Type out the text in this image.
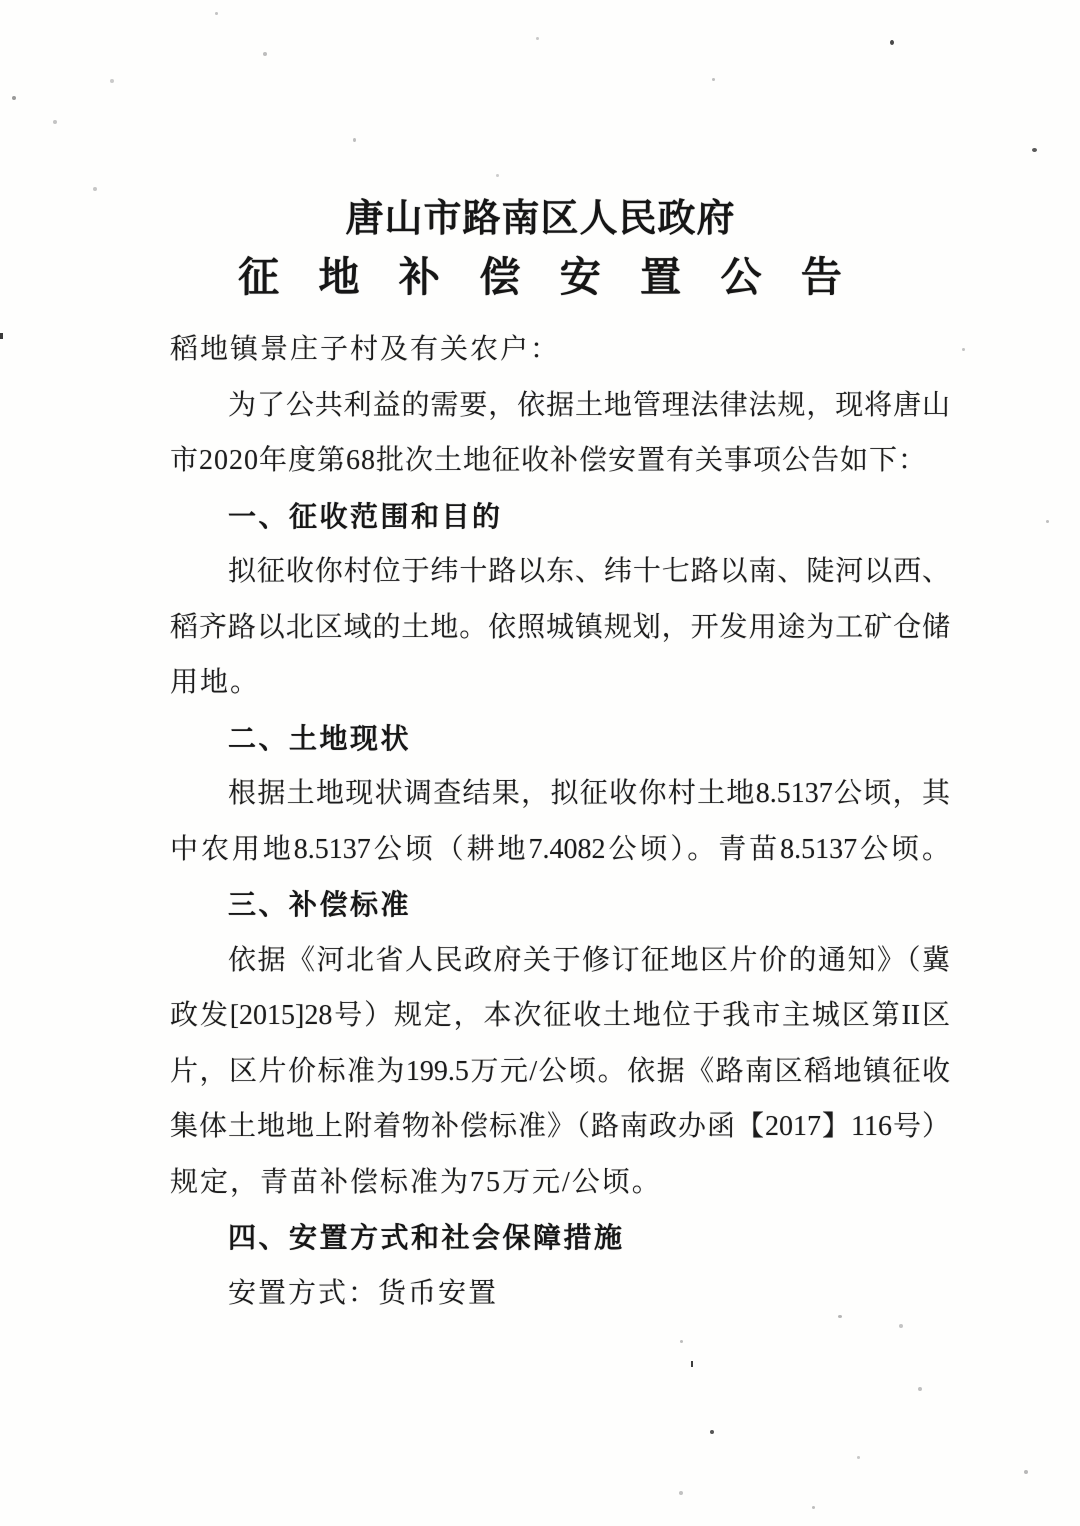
唐山市路南区人民政府
征 地 补 偿 安 置 公 告

稻地镇景庄子村及有关农户：

为了公共利益的需要，依据土地管理法律法规，现将唐山

市2020年度第68批次土地征收补偿安置有关事项公告如下：

一、征收范围和目的

拟征收你村位于纬十路以东、纬十七路以南、陡河以西、

稻齐路以北区域的土地。依照城镇规划，开发用途为工矿仓储

用地。

二、土地现状

根据土地现状调查结果，拟征收你村土地8.5137公顷，其

中农用地8.5137公顷（耕地7.4082公顷）。青苗8.5137公顷。

三、补偿标准

依据《河北省人民政府关于修订征地区片价的通知》（冀

政发[2015]28号）规定，本次征收土地位于我市主城区第II区

片，区片价标准为199.5万元/公顷。依据《路南区稻地镇征收

集体土地地上附着物补偿标准》（路南政办函【2017】116号）

规定，青苗补偿标准为75万元/公顷。

四、安置方式和社会保障措施

安置方式：货币安置
